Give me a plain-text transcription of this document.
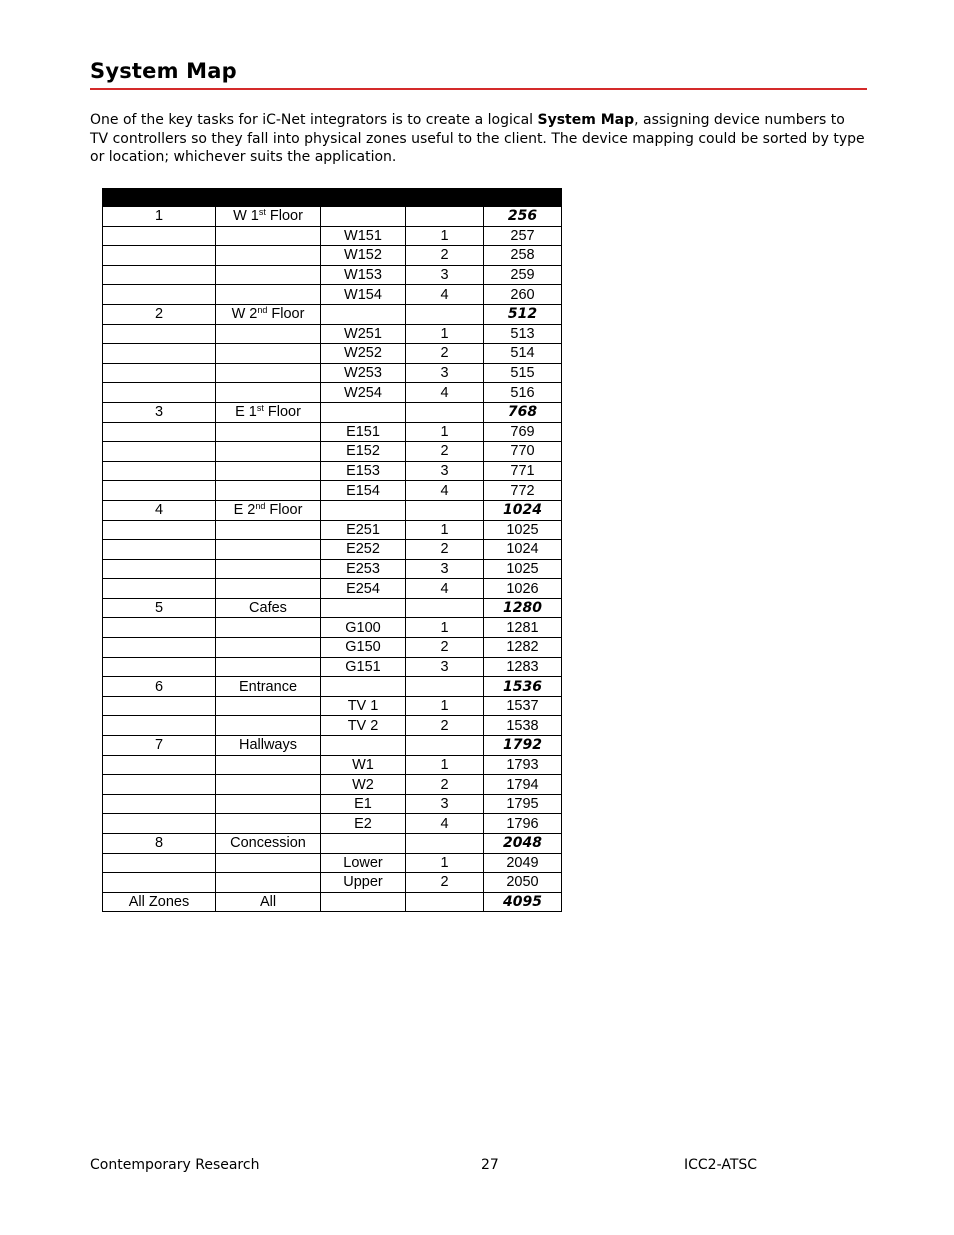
System Map
One of the key tasks for iC-Net integrators is to create a logical System Map, assigning device numbers to TV controllers so they fall into physical zones useful to the client. The device mapping could be sorted by type or location; whichever suits the application.

1	W 1st Floor			256
		W151	1	257
		W152	2	258
		W153	3	259
		W154	4	260
2	W 2nd Floor			512
		W251	1	513
		W252	2	514
		W253	3	515
		W254	4	516
3	E 1st Floor			768
		E151	1	769
		E152	2	770
		E153	3	771
		E154	4	772
4	E 2nd Floor			1024
		E251	1	1025
		E252	2	1024
		E253	3	1025
		E254	4	1026
5	Cafes			1280
		G100	1	1281
		G150	2	1282
		G151	3	1283
6	Entrance			1536
		TV 1	1	1537
		TV 2	2	1538
7	Hallways			1792
		W1	1	1793
		W2	2	1794
		E1	3	1795
		E2	4	1796
8	Concession			2048
		Lower	1	2049
		Upper	2	2050
All Zones	All			4095
Contemporary Research	27	ICC2-ATSC
